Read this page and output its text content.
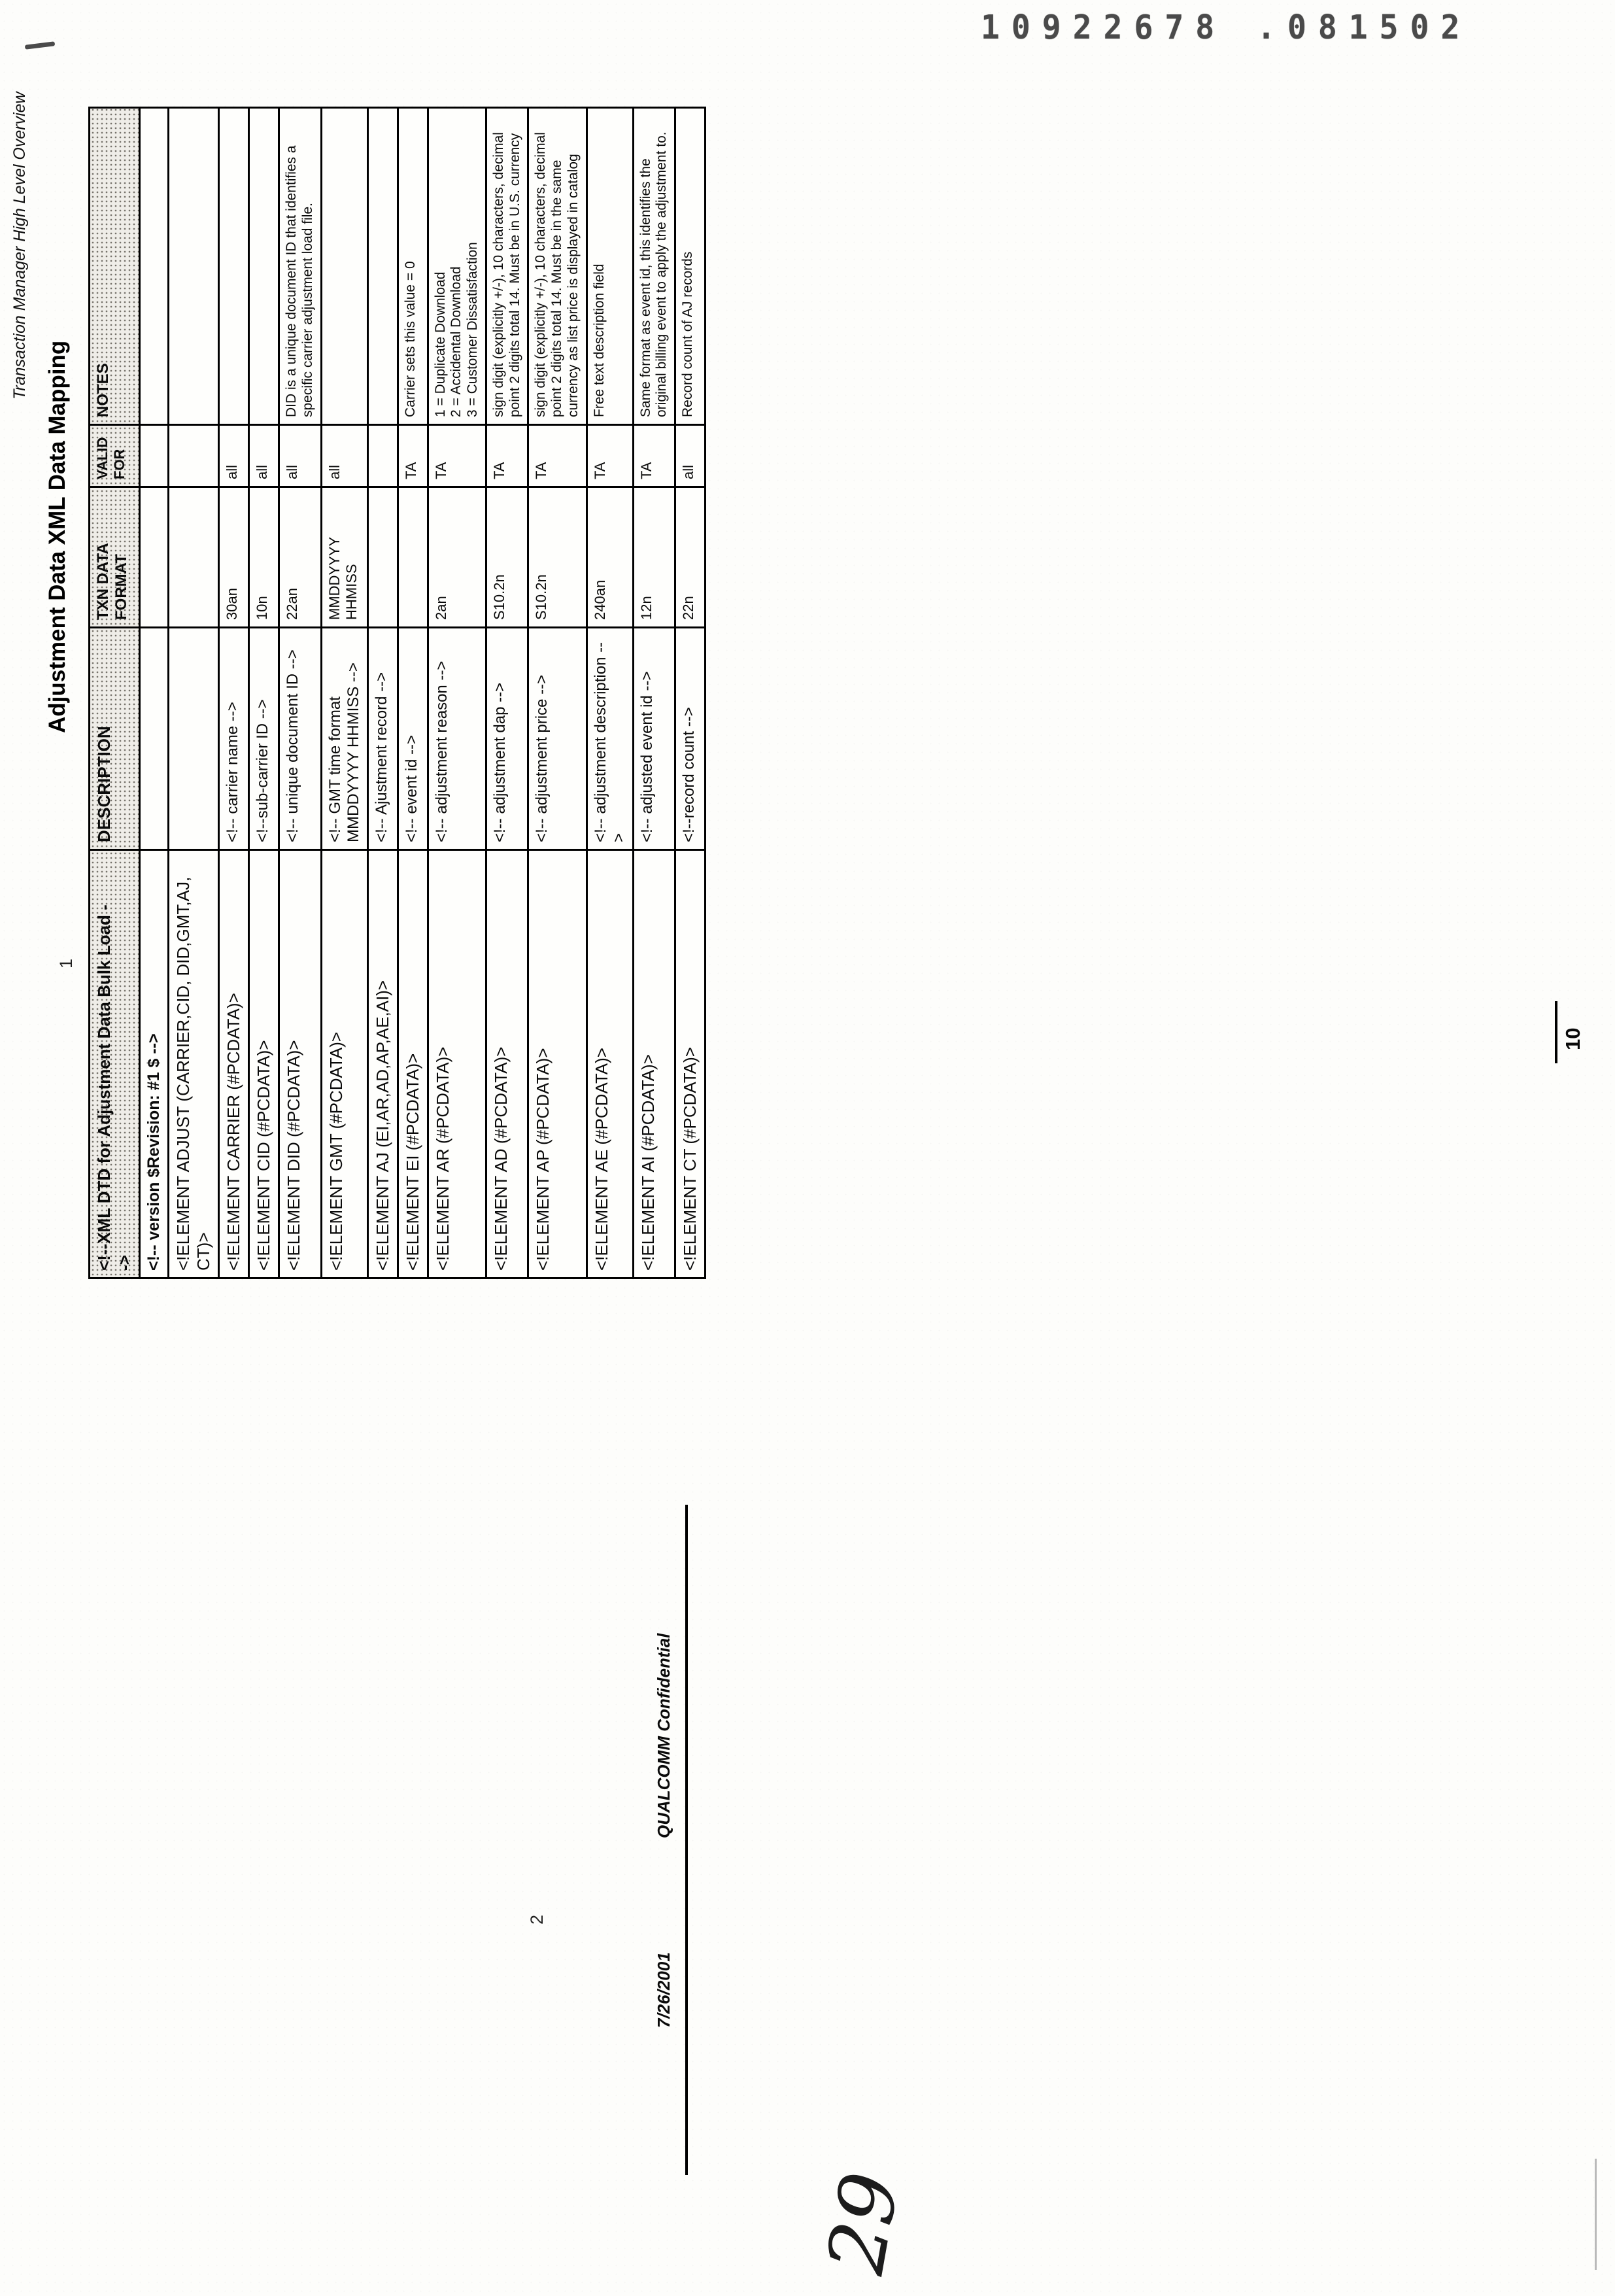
10922678 .081502
29
Transaction Manager High Level Overview
Adjustment Data XML Data Mapping
1
2
<!--XML DTD for Adjustment Data Bulk Load -->	DESCRIPTION	TXN DATA FORMAT	VALID FOR	NOTES
<!-- version $Revision: #1 $ -->				
<!ELEMENT ADJUST (CARRIER,CID, DID,GMT,AJ, CT)>				
<!ELEMENT CARRIER (#PCDATA)>	<!-- carrier name -->	30an	all	
<!ELEMENT CID (#PCDATA)>	<!--sub-carrier ID -->	10n	all	
<!ELEMENT DID (#PCDATA)>	<!-- unique document ID -->	22an	all	DID is a unique document ID that identifies a specific carrier adjustment load file.
<!ELEMENT GMT (#PCDATA)>	<!-- GMT time format MMDDYYYY HHMISS -->	MMDDYYYY HHMISS	all	
<!ELEMENT AJ (EI,AR,AD,AP,AE,AI)>	<!-- Ajustment record -->			
<!ELEMENT EI (#PCDATA)>	<!-- event id -->		TA	Carrier sets this value = 0
<!ELEMENT AR (#PCDATA)>	<!-- adjustment reason -->	2an	TA	1 = Duplicate Download
2 = Accidental Download
3 = Customer Dissatisfaction
<!ELEMENT AD (#PCDATA)>	<!-- adjustment dap -->	S10.2n	TA	sign digit (explicitly +/-), 10 characters, decimal point 2 digits total 14. Must be in U.S. currency
<!ELEMENT AP (#PCDATA)>	<!-- adjustment price -->	S10.2n	TA	sign digit (explicitly +/-), 10 characters, decimal point 2 digits total 14. Must be in the same currency as list price is displayed in catalog
<!ELEMENT AE (#PCDATA)>	<!-- adjustment description -->	240an	TA	Free text description field
<!ELEMENT AI (#PCDATA)>	<!-- adjusted event id -->	12n	TA	Same format as event id, this identifies the original billing event to apply the adjustment to.
<!ELEMENT CT (#PCDATA)>	<!--record count -->	22n	all	Record count of AJ records
7/26/2001
QUALCOMM Confidential
10
